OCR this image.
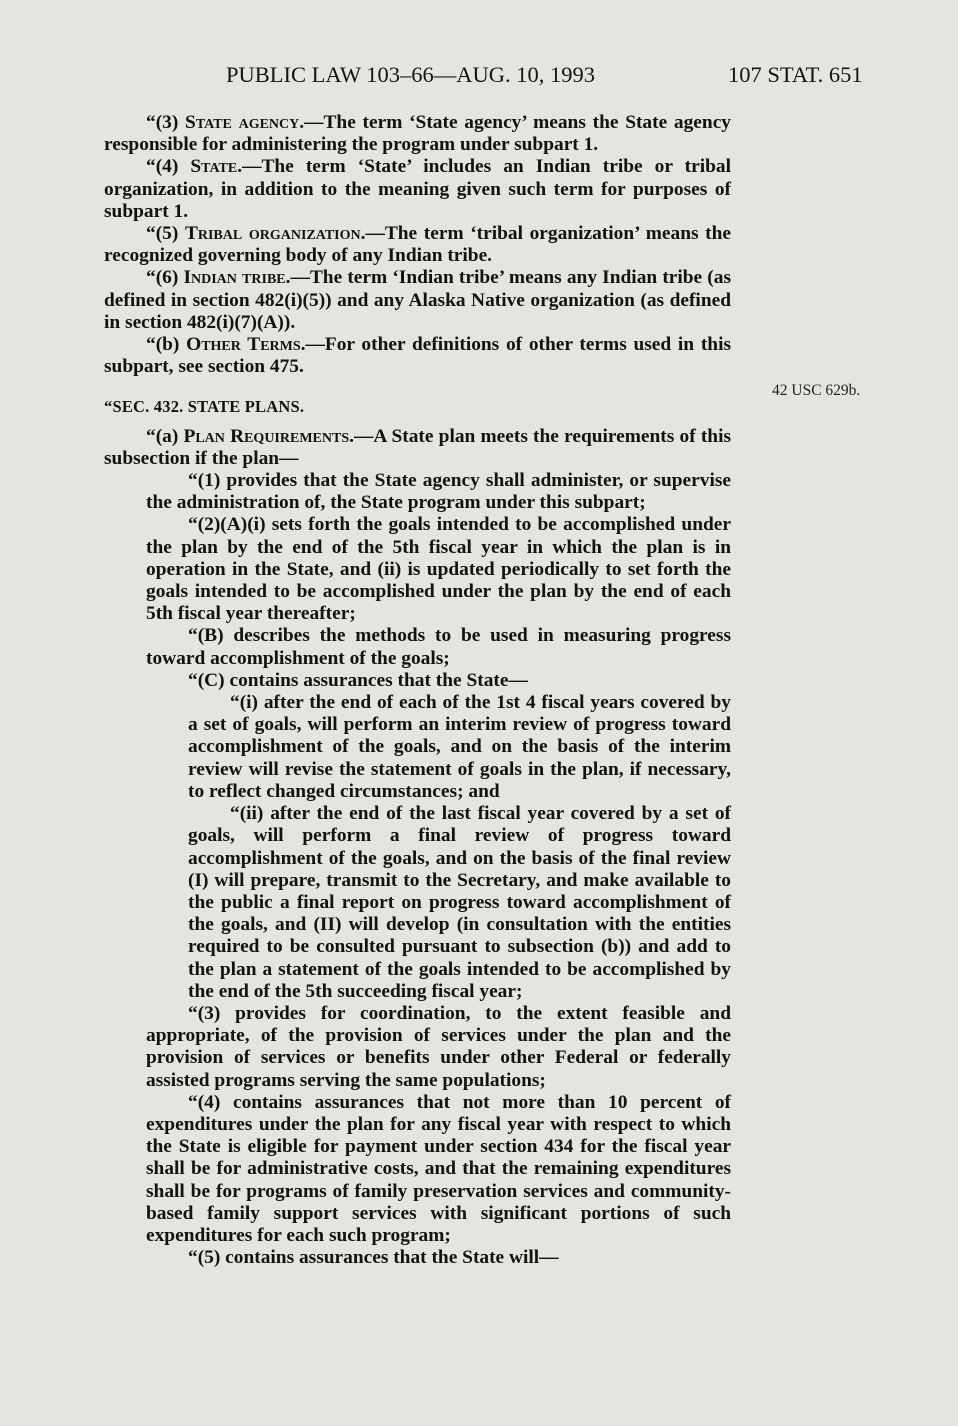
PUBLIC LAW 103–66—AUG. 10, 1993	107 STAT. 651
42 USC 629b.

“(3) State agency.—The term ‘State agency’ means the State agency responsible for administering the program under subpart 1.

“(4) State.—The term ‘State’ includes an Indian tribe or tribal organization, in addition to the meaning given such term for purposes of subpart 1.

“(5) Tribal organization.—The term ‘tribal organization’ means the recognized governing body of any Indian tribe.

“(6) Indian tribe.—The term ‘Indian tribe’ means any Indian tribe (as defined in section 482(i)(5)) and any Alaska Native organization (as defined in section 482(i)(7)(A)).

“(b) Other Terms.—For other definitions of other terms used in this subpart, see section 475.

“SEC. 432. STATE PLANS.

“(a) Plan Requirements.—A State plan meets the requirements of this subsection if the plan—

“(1) provides that the State agency shall administer, or supervise the administration of, the State program under this subpart;

“(2)(A)(i) sets forth the goals intended to be accomplished under the plan by the end of the 5th fiscal year in which the plan is in operation in the State, and (ii) is updated periodically to set forth the goals intended to be accomplished under the plan by the end of each 5th fiscal year thereafter;

“(B) describes the methods to be used in measuring progress toward accomplishment of the goals;

“(C) contains assurances that the State—

“(i) after the end of each of the 1st 4 fiscal years covered by a set of goals, will perform an interim review of progress toward accomplishment of the goals, and on the basis of the interim review will revise the statement of goals in the plan, if necessary, to reflect changed circumstances; and

“(ii) after the end of the last fiscal year covered by a set of goals, will perform a final review of progress toward accomplishment of the goals, and on the basis of the final review (I) will prepare, transmit to the Secretary, and make available to the public a final report on progress toward accomplishment of the goals, and (II) will develop (in consultation with the entities required to be consulted pursuant to subsection (b)) and add to the plan a statement of the goals intended to be accomplished by the end of the 5th succeeding fiscal year;

“(3) provides for coordination, to the extent feasible and appropriate, of the provision of services under the plan and the provision of services or benefits under other Federal or federally assisted programs serving the same populations;

“(4) contains assurances that not more than 10 percent of expenditures under the plan for any fiscal year with respect to which the State is eligible for payment under section 434 for the fiscal year shall be for administrative costs, and that the remaining expenditures shall be for programs of family preservation services and community-based family support services with significant portions of such expenditures for each such program;

“(5) contains assurances that the State will—
